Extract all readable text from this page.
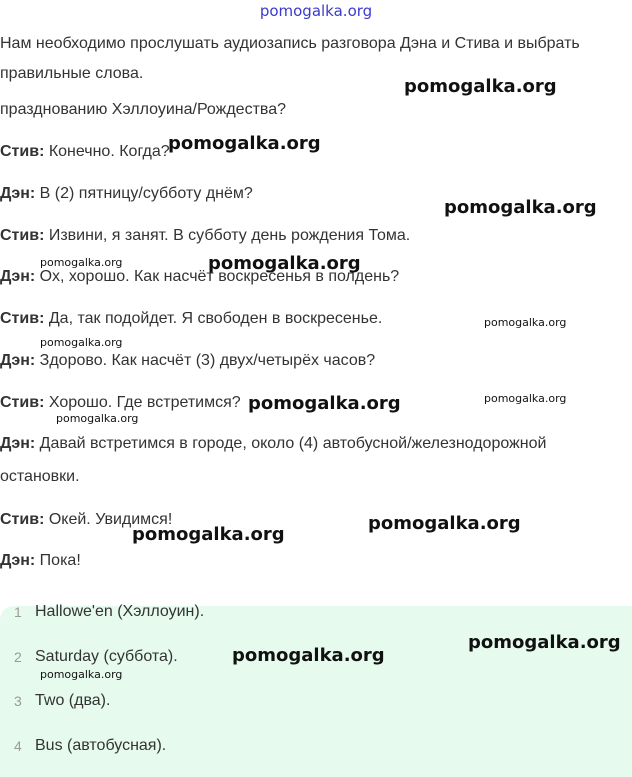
pomogalka.org
Нам необходимо прослушать аудиозапись разговора Дэна и Стива и выбрать
правильные слова.
празднованию Хэллоуина/Рождества?
Стив: Конечно. Когда?
Дэн: В (2) пятницу/субботу днём?
Стив: Извини, я занят. В субботу день рождения Тома.
Дэн: Ох, хорошо. Как насчёт воскресенья в полдень?
Стив: Да, так подойдет. Я свободен в воскресенье.
Дэн: Здорово. Как насчёт (3) двух/четырёх часов?
Стив: Хорошо. Где встретимся?
Дэн: Давай встретимся в городе, около (4) автобусной/железнодорожной
остановки.
Стив: Окей. Увидимся!
Дэн: Пока!
1 Hallowe'en (Хэллоуин).
2 Saturday (суббота).
3 Two (два).
4 Bus (автобусная).
pomogalka.org
pomogalka.org
pomogalka.org
pomogalka.org	pomogalka.org
pomogalka.org
pomogalka.org
pomogalka.org	pomogalka.org
pomogalka.org
pomogalka.org
pomogalka.org
pomogalka.org
pomogalka.org
pomogalka.org
